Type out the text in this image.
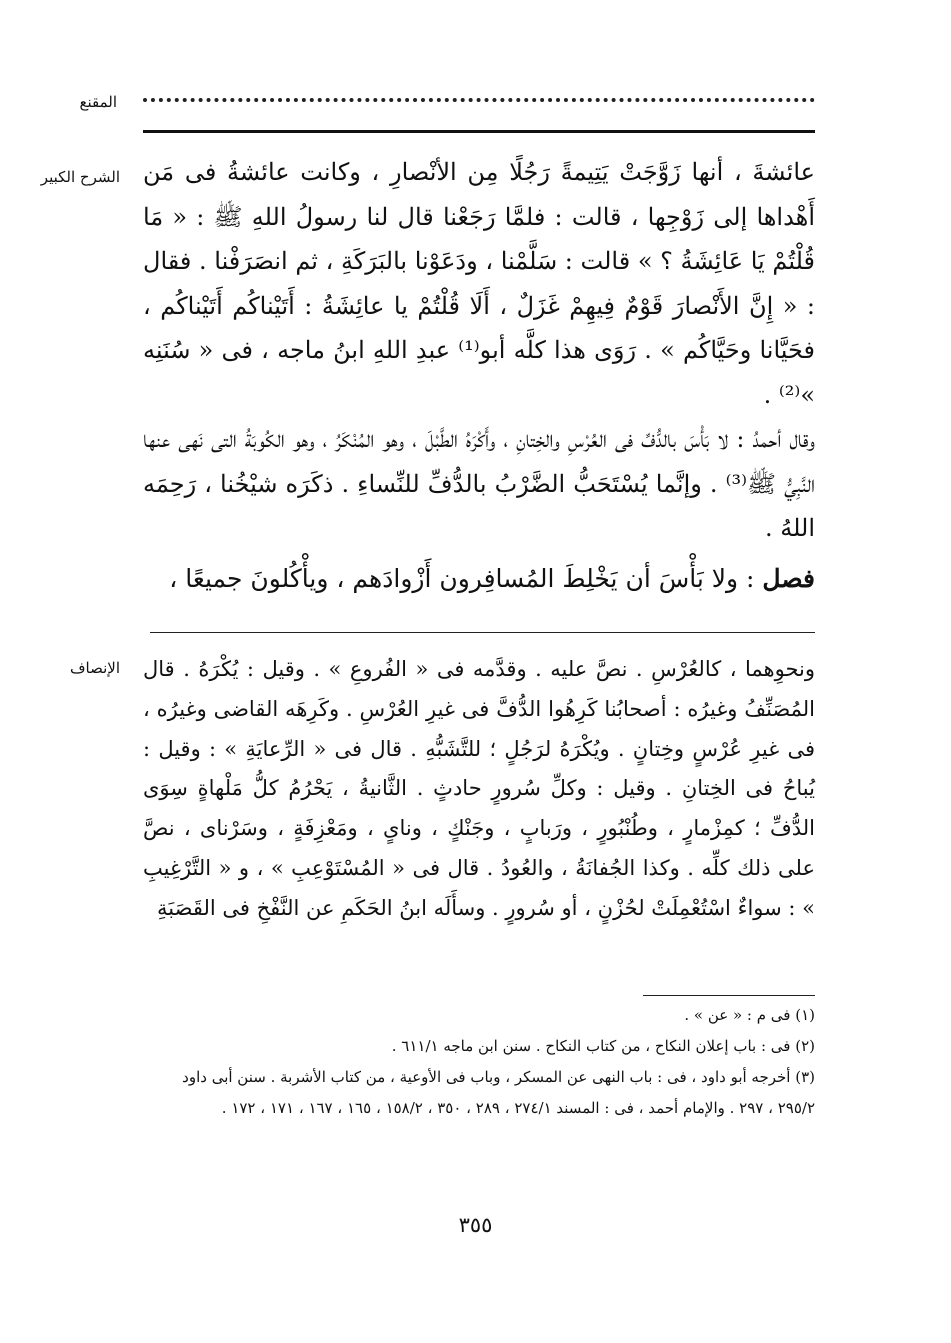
المقنع
الشرح الكبير
الإنصاف

عائشةَ ، أنها زَوَّجَتْ يَتِيمةً رَجُلًا مِن الأنْصارِ ، وكانت عائشةُ فى مَن أَهْداها إلى زَوْجِها ، قالت : فلمَّا رَجَعْنا قال لنا رسولُ اللهِ ﷺ : « مَا قُلْتُمْ يَا عَائِشَةُ ؟ » قالت : سَلَّمْنا ، ودَعَوْنا بالبَرَكَةِ ، ثم انصَرَفْنا . فقال : « إِنَّ الأَنْصارَ قَوْمٌ فِيهِمْ غَزَلٌ ، أَلَا قُلْتُمْ يا عائِشَةُ : أَتَيْناكُم أَتَيْناكُم ، فحَيَّانا وحَيَّاكُم » . رَوَى هذا كلَّه أبو⁽¹⁾ عبدِ اللهِ ابنُ ماجه ، فى « سُنَنِه »⁽²⁾ .

وقال أحمدُ : لا بَأْسَ بالدُّفِّ فى العُرْسِ والخِتانِ ، وأَكْرَهُ الطَّبْلَ ، وهو المُنْكَرُ ، وهو الكُوبَةُ التى نَهى عنها النَّبِيُّ ﷺ⁽³⁾ . وإنَّما يُسْتَحَبُّ الضَّرْبُ بالدُّفِّ للنِّساءِ . ذكَرَه شيْخُنا ، رَحِمَه اللهُ .

فصل : ولا بَأْسَ أن يَخْلِطَ المُسافِرون أَزْوادَهم ، ويأْكُلونَ جميعًا ،

ونحوِهما ، كالعُرْسِ . نصَّ عليه . وقدَّمه فى « الفُروعِ » . وقيل : يُكْرَهُ . قال المُصَنِّفُ وغيرُه : أصحابُنا كَرِهُوا الدُّفَّ فى غيرِ العُرْسِ . وكَرِهَه القاضى وغيرُه ، فى غيرِ عُرْسٍ وخِتانٍ . ويُكْرَهُ لرَجُلٍ ؛ للتَّشَبُّهِ . قال فى « الرِّعايَةِ » : وقيل : يُباحُ فى الخِتانِ . وقيل : وكلِّ سُرورٍ حادثٍ . الثَّانيةُ ، يَحْرُمُ كلُّ مَلْهاةٍ سِوَى الدُّفِّ ؛ كمِزْمارٍ ، وطُنْبُورٍ ، ورَبابٍ ، وجَنْكٍ ، وناىٍ ، ومَعْزِفَةٍ ، وسَرْناى ، نصَّ على ذلك كلِّه . وكذا الجُفانَةُ ، والعُودُ . قال فى « المُسْتَوْعِبِ » ، و « التَّرْغِيبِ » : سواءٌ اسْتُعْمِلَتْ لحُزْنٍ ، أو سُرورٍ . وسأَلَه ابنُ الحَكَمِ عن النَّفْخِ فى القَصَبَةِ

(١) فى م : « عن » .

(٢) فى : باب إعلان النكاح ، من كتاب النكاح . سنن ابن ماجه ٦١١/١ .

(٣) أخرجه أبو داود ، فى : باب النهى عن المسكر ، وباب فى الأوعية ، من كتاب الأشربة . سنن أبى داود ٢٩٥/٢ ، ٢٩٧ . والإمام أحمد ، فى : المسند ٢٧٤/١ ، ٢٨٩ ، ٣٥٠ ، ١٥٨/٢ ، ١٦٥ ، ١٦٧ ، ١٧١ ، ١٧٢ .

٣٥٥
